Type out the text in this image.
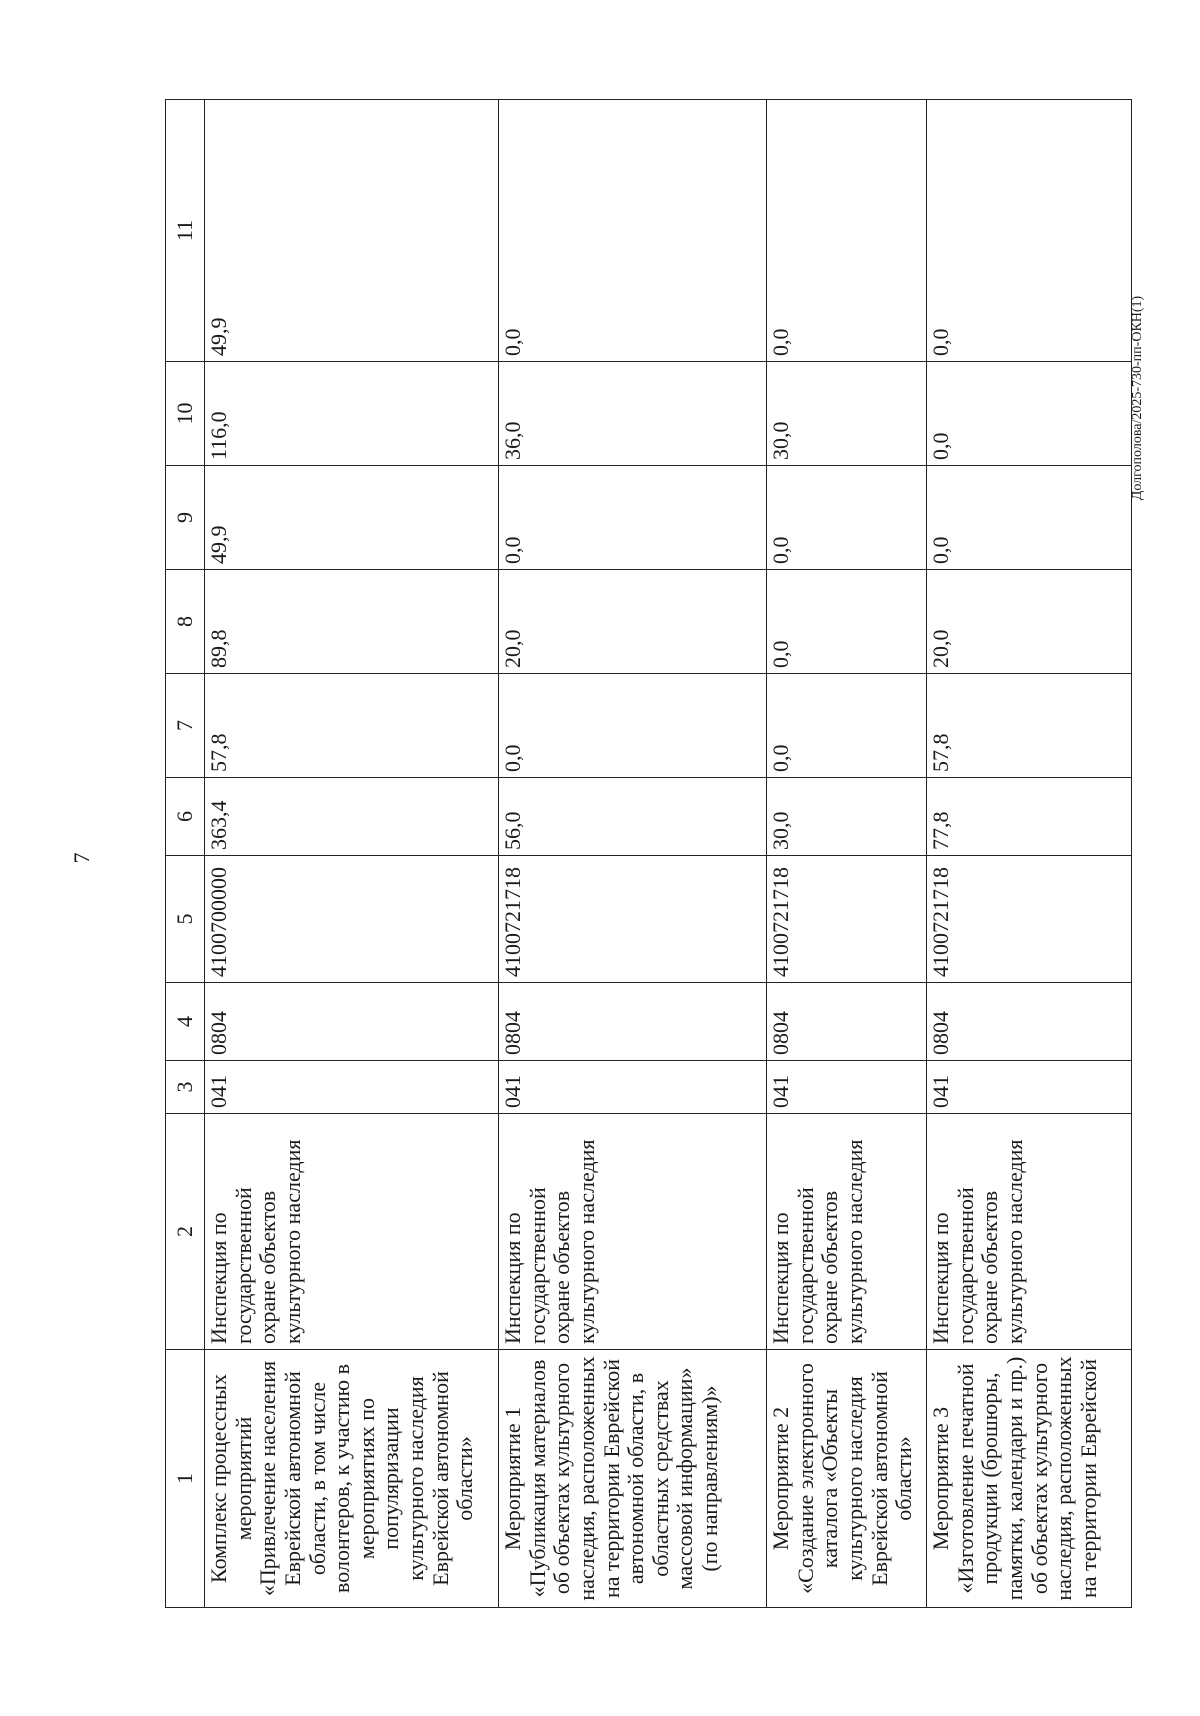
7
Долгополова/2025-730-пп-ОКН(1)
1	2	3	4	5	6	7	8	9	10	11
Комплекс процессных мероприятий «Привлечение населения Еврейской автономной области, в том числе волонтеров, к участию в мероприятиях по популяризации культурного наследия Еврейской автономной области»	Инспекция по государственной охране объектов культурного наследия	041	0804	4100700000	363,4	57,8	89,8	49,9	116,0	49,9
Мероприятие 1 «Публикация материалов об объектах культурного наследия, расположенных на территории Еврейской автономной области, в областных средствах массовой информации» (по направлениям)»	Инспекция по государственной охране объектов культурного наследия	041	0804	4100721718	56,0	0,0	20,0	0,0	36,0	0,0
Мероприятие 2 «Создание электронного каталога «Объекты культурного наследия Еврейской автономной области»	Инспекция по государственной охране объектов культурного наследия	041	0804	4100721718	30,0	0,0	0,0	0,0	30,0	0,0
Мероприятие 3 «Изготовление печатной продукции (брошюры, памятки, календари и пр.) об объектах культурного наследия, расположенных на территории Еврейской	Инспекция по государственной охране объектов культурного наследия	041	0804	4100721718	77,8	57,8	20,0	0,0	0,0	0,0
